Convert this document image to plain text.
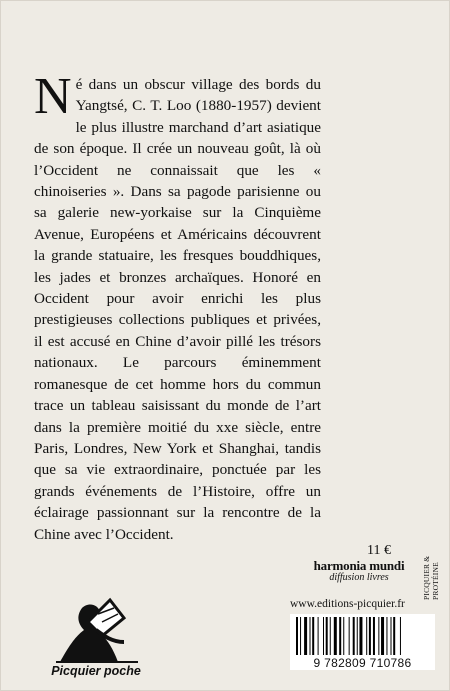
Né dans un obscur village des bords du Yangtsé, C. T. Loo (1880-1957) devient le plus illustre marchand d’art asiatique de son époque. Il crée un nouveau goût, là où l’Occident ne connaissait que les « chinoiseries ». Dans sa pagode parisienne ou sa galerie new-yorkaise sur la Cinquième Avenue, Européens et Américains découvrent la grande statuaire, les fresques bouddhiques, les jades et bronzes archaïques. Honoré en Occident pour avoir enrichi les plus prestigieuses collections publiques et privées, il est accusé en Chine d’avoir pillé les trésors nationaux. Le parcours éminemment romanesque de cet homme hors du commun trace un tableau saisissant du monde de l’art dans la première moitié du xxe siècle, entre Paris, Londres, New York et Shanghai, tandis que sa vie extraordinaire, ponctuée par les grands événements de l’Histoire, offre un éclairage passionnant sur la rencontre de la Chine avec l’Occident.
11 €
PICQUIER & PROTÉINE
harmonia mundi
diffusion livres
www.editions-picquier.fr
9 782809 710786
Picquier poche
